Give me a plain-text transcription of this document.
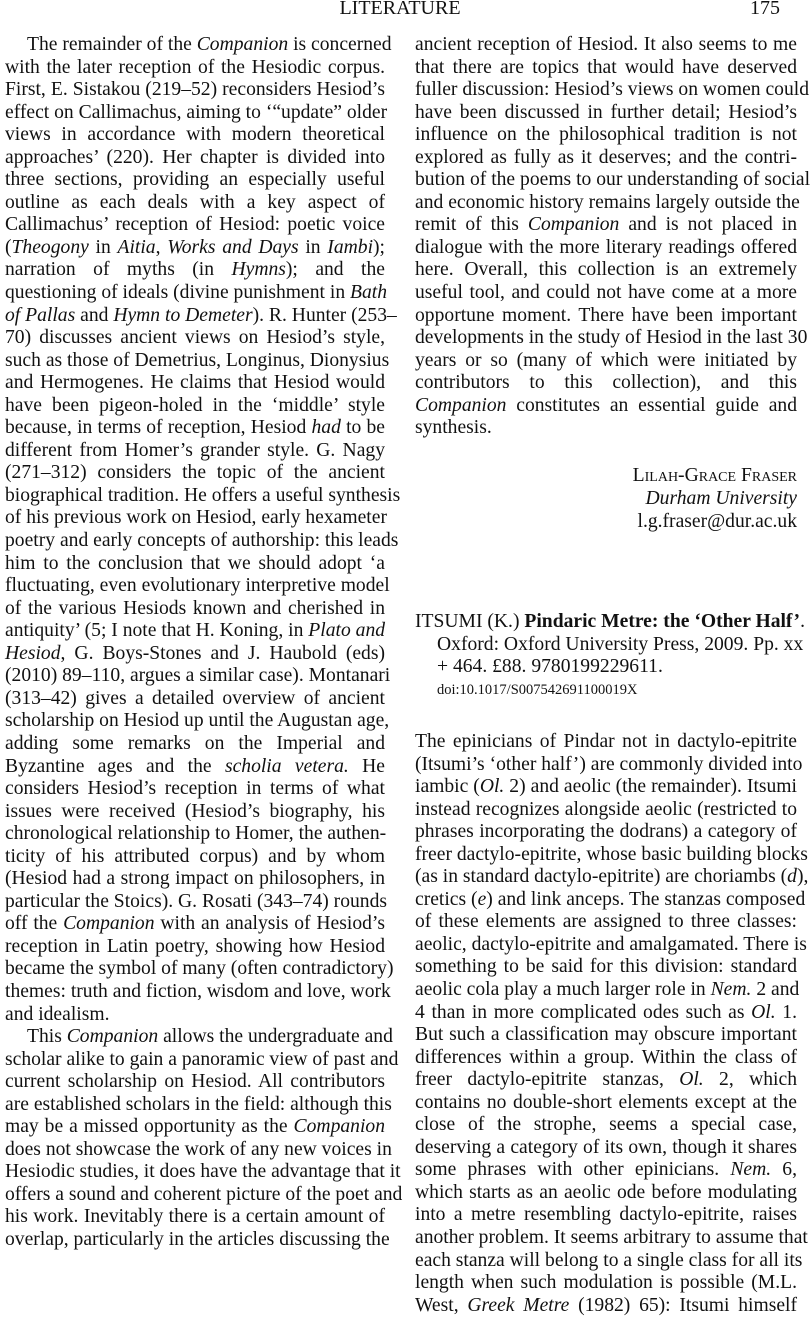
LITERATURE	175
The remainder of the Companion is concerned
with the later reception of the Hesiodic corpus.
First, E. Sistakou (219–52) reconsiders Hesiod’s
effect on Callimachus, aiming to ‘“update” older
views in accordance with modern theoretical
approaches’ (220). Her chapter is divided into
three sections, providing an especially useful
outline as each deals with a key aspect of
Callimachus’ reception of Hesiod: poetic voice
(Theogony in Aitia, Works and Days in Iambi);
narration of myths (in Hymns); and the
questioning of ideals (divine punishment in Bath
of Pallas and Hymn to Demeter). R. Hunter (253–
70) discusses ancient views on Hesiod’s style,
such as those of Demetrius, Longinus, Dionysius
and Hermogenes. He claims that Hesiod would
have been pigeon-holed in the ‘middle’ style
because, in terms of reception, Hesiod had to be
different from Homer’s grander style. G. Nagy
(271–312) considers the topic of the ancient
biographical tradition. He offers a useful synthesis
of his previous work on Hesiod, early hexameter
poetry and early concepts of authorship: this leads
him to the conclusion that we should adopt ‘a
fluctuating, even evolutionary interpretive model
of the various Hesiods known and cherished in
antiquity’ (5; I note that H. Koning, in Plato and
Hesiod, G. Boys-Stones and J. Haubold (eds)
(2010) 89–110, argues a similar case). Montanari
(313–42) gives a detailed overview of ancient
scholarship on Hesiod up until the Augustan age,
adding some remarks on the Imperial and
Byzantine ages and the scholia vetera. He
considers Hesiod’s reception in terms of what
issues were received (Hesiod’s biography, his
chronological relationship to Homer, the authen-
ticity of his attributed corpus) and by whom
(Hesiod had a strong impact on philosophers, in
particular the Stoics). G. Rosati (343–74) rounds
off the Companion with an analysis of Hesiod’s
reception in Latin poetry, showing how Hesiod
became the symbol of many (often contradictory)
themes: truth and fiction, wisdom and love, work
and idealism.
This Companion allows the undergraduate and
scholar alike to gain a panoramic view of past and
current scholarship on Hesiod. All contributors
are established scholars in the field: although this
may be a missed opportunity as the Companion
does not showcase the work of any new voices in
Hesiodic studies, it does have the advantage that it
offers a sound and coherent picture of the poet and
his work. Inevitably there is a certain amount of
overlap, particularly in the articles discussing the
ancient reception of Hesiod. It also seems to me
that there are topics that would have deserved
fuller discussion: Hesiod’s views on women could
have been discussed in further detail; Hesiod’s
influence on the philosophical tradition is not
explored as fully as it deserves; and the contri-
bution of the poems to our understanding of social
and economic history remains largely outside the
remit of this Companion and is not placed in
dialogue with the more literary readings offered
here. Overall, this collection is an extremely
useful tool, and could not have come at a more
opportune moment. There have been important
developments in the study of Hesiod in the last 30
years or so (many of which were initiated by
contributors to this collection), and this
Companion constitutes an essential guide and
synthesis.
Lilah-Grace Fraser
Durham University
l.g.fraser@dur.ac.uk
ITSUMI (K.) Pindaric Metre: the ‘Other Half’.
Oxford: Oxford University Press, 2009. Pp. xx
+ 464. £88. 9780199229611.
doi:10.1017/S007542691100019X
The epinicians of Pindar not in dactylo-epitrite
(Itsumi’s ‘other half’) are commonly divided into
iambic (Ol. 2) and aeolic (the remainder). Itsumi
instead recognizes alongside aeolic (restricted to
phrases incorporating the dodrans) a category of
freer dactylo-epitrite, whose basic building blocks
(as in standard dactylo-epitrite) are choriambs (d),
cretics (e) and link anceps. The stanzas composed
of these elements are assigned to three classes:
aeolic, dactylo-epitrite and amalgamated. There is
something to be said for this division: standard
aeolic cola play a much larger role in Nem. 2 and
4 than in more complicated odes such as Ol. 1.
But such a classification may obscure important
differences within a group. Within the class of
freer dactylo-epitrite stanzas, Ol. 2, which
contains no double-short elements except at the
close of the strophe, seems a special case,
deserving a category of its own, though it shares
some phrases with other epinicians. Nem. 6,
which starts as an aeolic ode before modulating
into a metre resembling dactylo-epitrite, raises
another problem. It seems arbitrary to assume that
each stanza will belong to a single class for all its
length when such modulation is possible (M.L.
West, Greek Metre (1982) 65): Itsumi himself
